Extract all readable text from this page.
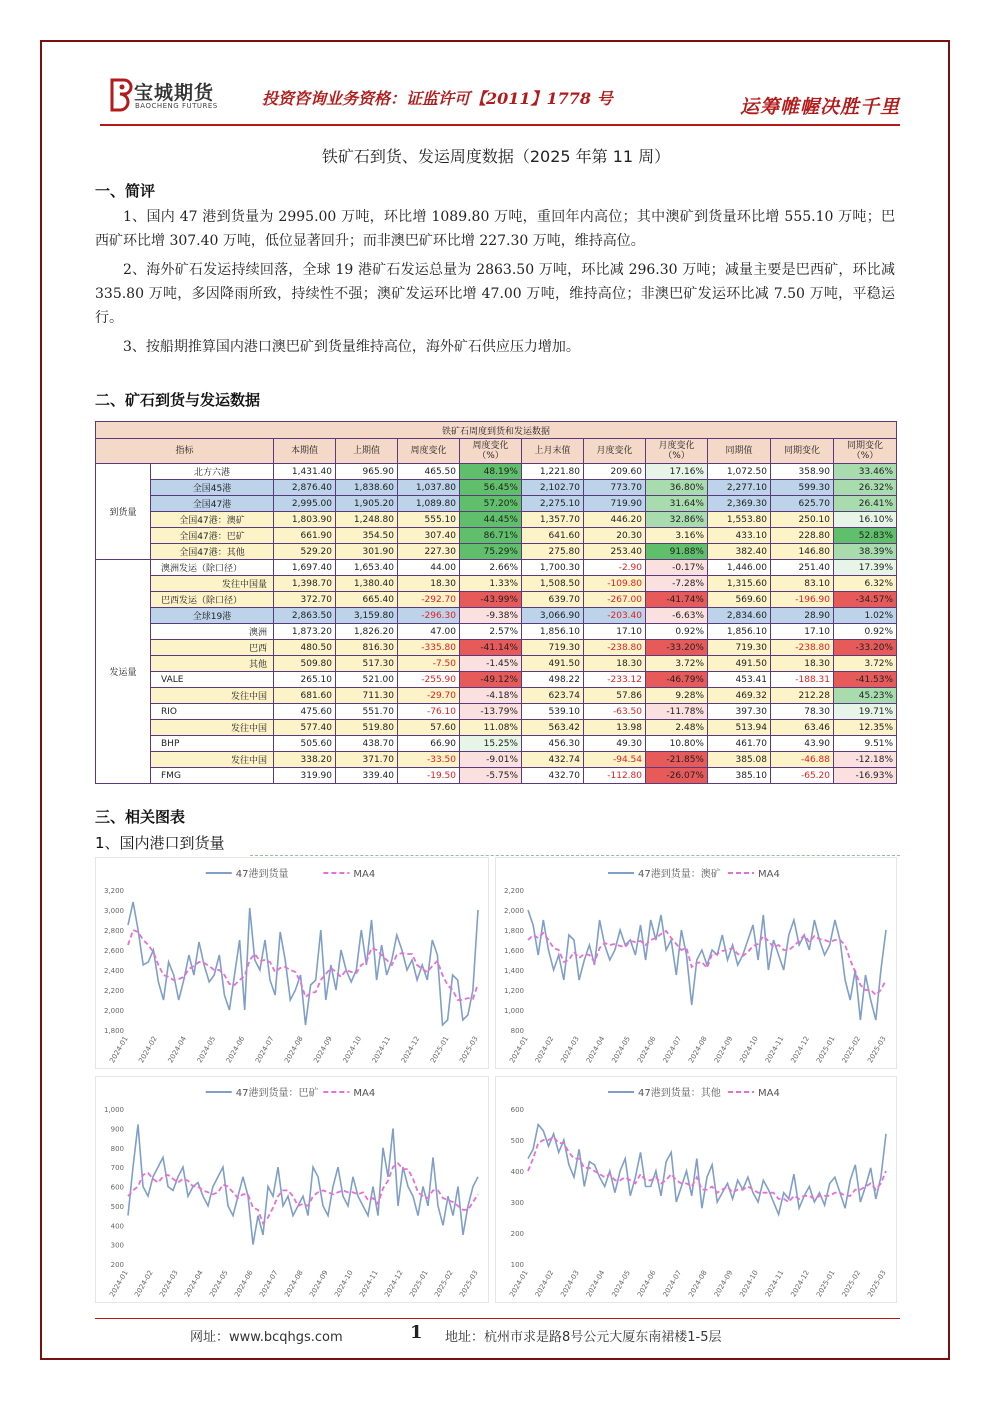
宝城期货
BAOCHENG FUTURES	投资咨询业务资格：证监许可【2011】1778 号	运筹帷幄决胜千里
铁矿石到货、发运周度数据（2025 年第 11 周）
一、简评
1、国内 47 港到货量为 2995.00 万吨，环比增 1089.80 万吨，重回年内高位；其中澳矿到货量环比增 555.10 万吨；巴西矿环比增 307.40 万吨，低位显著回升；而非澳巴矿环比增 227.30 万吨，维持高位。
2、海外矿石发运持续回落，全球 19 港矿石发运总量为 2863.50 万吨，环比减 296.30 万吨；减量主要是巴西矿，环比减 335.80 万吨，多因降雨所致，持续性不强；澳矿发运环比增 47.00 万吨，维持高位；非澳巴矿发运环比减 7.50 万吨，平稳运行。
3、按船期推算国内港口澳巴矿到货量维持高位，海外矿石供应压力增加。
二、矿石到货与发运数据
铁矿石周度到货和发运数据											
指标		本期值	上期值	周度变化	周度变化（%）	上月末值	月度变化	月度变化（%）	同期值	同期变化	同期变化（%）
到货量	北方六港	1,431.40	965.90	465.50	48.19%	1,221.80	209.60	17.16%	1,072.50	358.90	33.46%
	全国45港	2,876.40	1,838.60	1,037.80	56.45%	2,102.70	773.70	36.80%	2,277.10	599.30	26.32%
	全国47港	2,995.00	1,905.20	1,089.80	57.20%	2,275.10	719.90	31.64%	2,369.30	625.70	26.41%
	全国47港：澳矿	1,803.90	1,248.80	555.10	44.45%	1,357.70	446.20	32.86%	1,553.80	250.10	16.10%
	全国47港：巴矿	661.90	354.50	307.40	86.71%	641.60	20.30	3.16%	433.10	228.80	52.83%
	全国47港：其他	529.20	301.90	227.30	75.29%	275.80	253.40	91.88%	382.40	146.80	38.39%
发运量	澳洲发运（除口径）	1,697.40	1,653.40	44.00	2.66%	1,700.30	-2.90	-0.17%	1,446.00	251.40	17.39%
	发往中国量	1,398.70	1,380.40	18.30	1.33%	1,508.50	-109.80	-7.28%	1,315.60	83.10	6.32%
	巴西发运（除口径）	372.70	665.40	-292.70	-43.99%	639.70	-267.00	-41.74%	569.60	-196.90	-34.57%
	全球19港	2,863.50	3,159.80	-296.30	-9.38%	3,066.90	-203.40	-6.63%	2,834.60	28.90	1.02%
	澳洲	1,873.20	1,826.20	47.00	2.57%	1,856.10	17.10	0.92%	1,856.10	17.10	0.92%
	巴西	480.50	816.30	-335.80	-41.14%	719.30	-238.80	-33.20%	719.30	-238.80	-33.20%
	其他	509.80	517.30	-7.50	-1.45%	491.50	18.30	3.72%	491.50	18.30	3.72%
	VALE	265.10	521.00	-255.90	-49.12%	498.22	-233.12	-46.79%	453.41	-188.31	-41.53%
	发往中国	681.60	711.30	-29.70	-4.18%	623.74	57.86	9.28%	469.32	212.28	45.23%
	RIO	475.60	551.70	-76.10	-13.79%	539.10	-63.50	-11.78%	397.30	78.30	19.71%
	发往中国	577.40	519.80	57.60	11.08%	563.42	13.98	2.48%	513.94	63.46	12.35%
	BHP	505.60	438.70	66.90	15.25%	456.30	49.30	10.80%	461.70	43.90	9.51%
	发往中国	338.20	371.70	-33.50	-9.01%	432.74	-94.54	-21.85%	385.08	-46.88	-12.18%
	FMG	319.90	339.40	-19.50	-5.75%	432.70	-112.80	-26.07%	385.10	-65.20	-16.93%
三、相关图表
1、国内港口到货量
47港到货量	MA4
1,800
2,000
2,200
2,400
2,600
2,800
3,000
3,200
2024-01 2024-02 2024-04 2024-05 2024-06 2024-07 2024-08 2024-09 2024-10 2024-11 2024-12 2025-01 2025-03
47港到货量：澳矿	MA4
800
1,000
1,200
1,400
1,600
1,800
2,000
2,200
2024-01 2024-02 2024-03 2024-04 2024-05 2024-06 2024-07 2024-08 2024-09 2024-10 2024-11 2024-12 2025-01 2025-02 2025-03
47港到货量：巴矿	MA4
200
300
400
500
600
700
800
900
1,000
2024-01 2024-02 2024-03 2024-04 2024-05 2024-06 2024-07 2024-08 2024-09 2024-10 2024-11 2024-12 2025-01 2025-02 2025-03
47港到货量：其他	MA4
100
200
300
400
500
600
2024-01 2024-02 2024-03 2024-04 2024-05 2024-06 2024-07 2024-08 2024-09 2024-10 2024-11 2024-12 2025-01 2025-02 2025-03
网址：www.bcqhgs.com	1 地址：杭州市求是路8号公元大厦东南裙楼1-5层
